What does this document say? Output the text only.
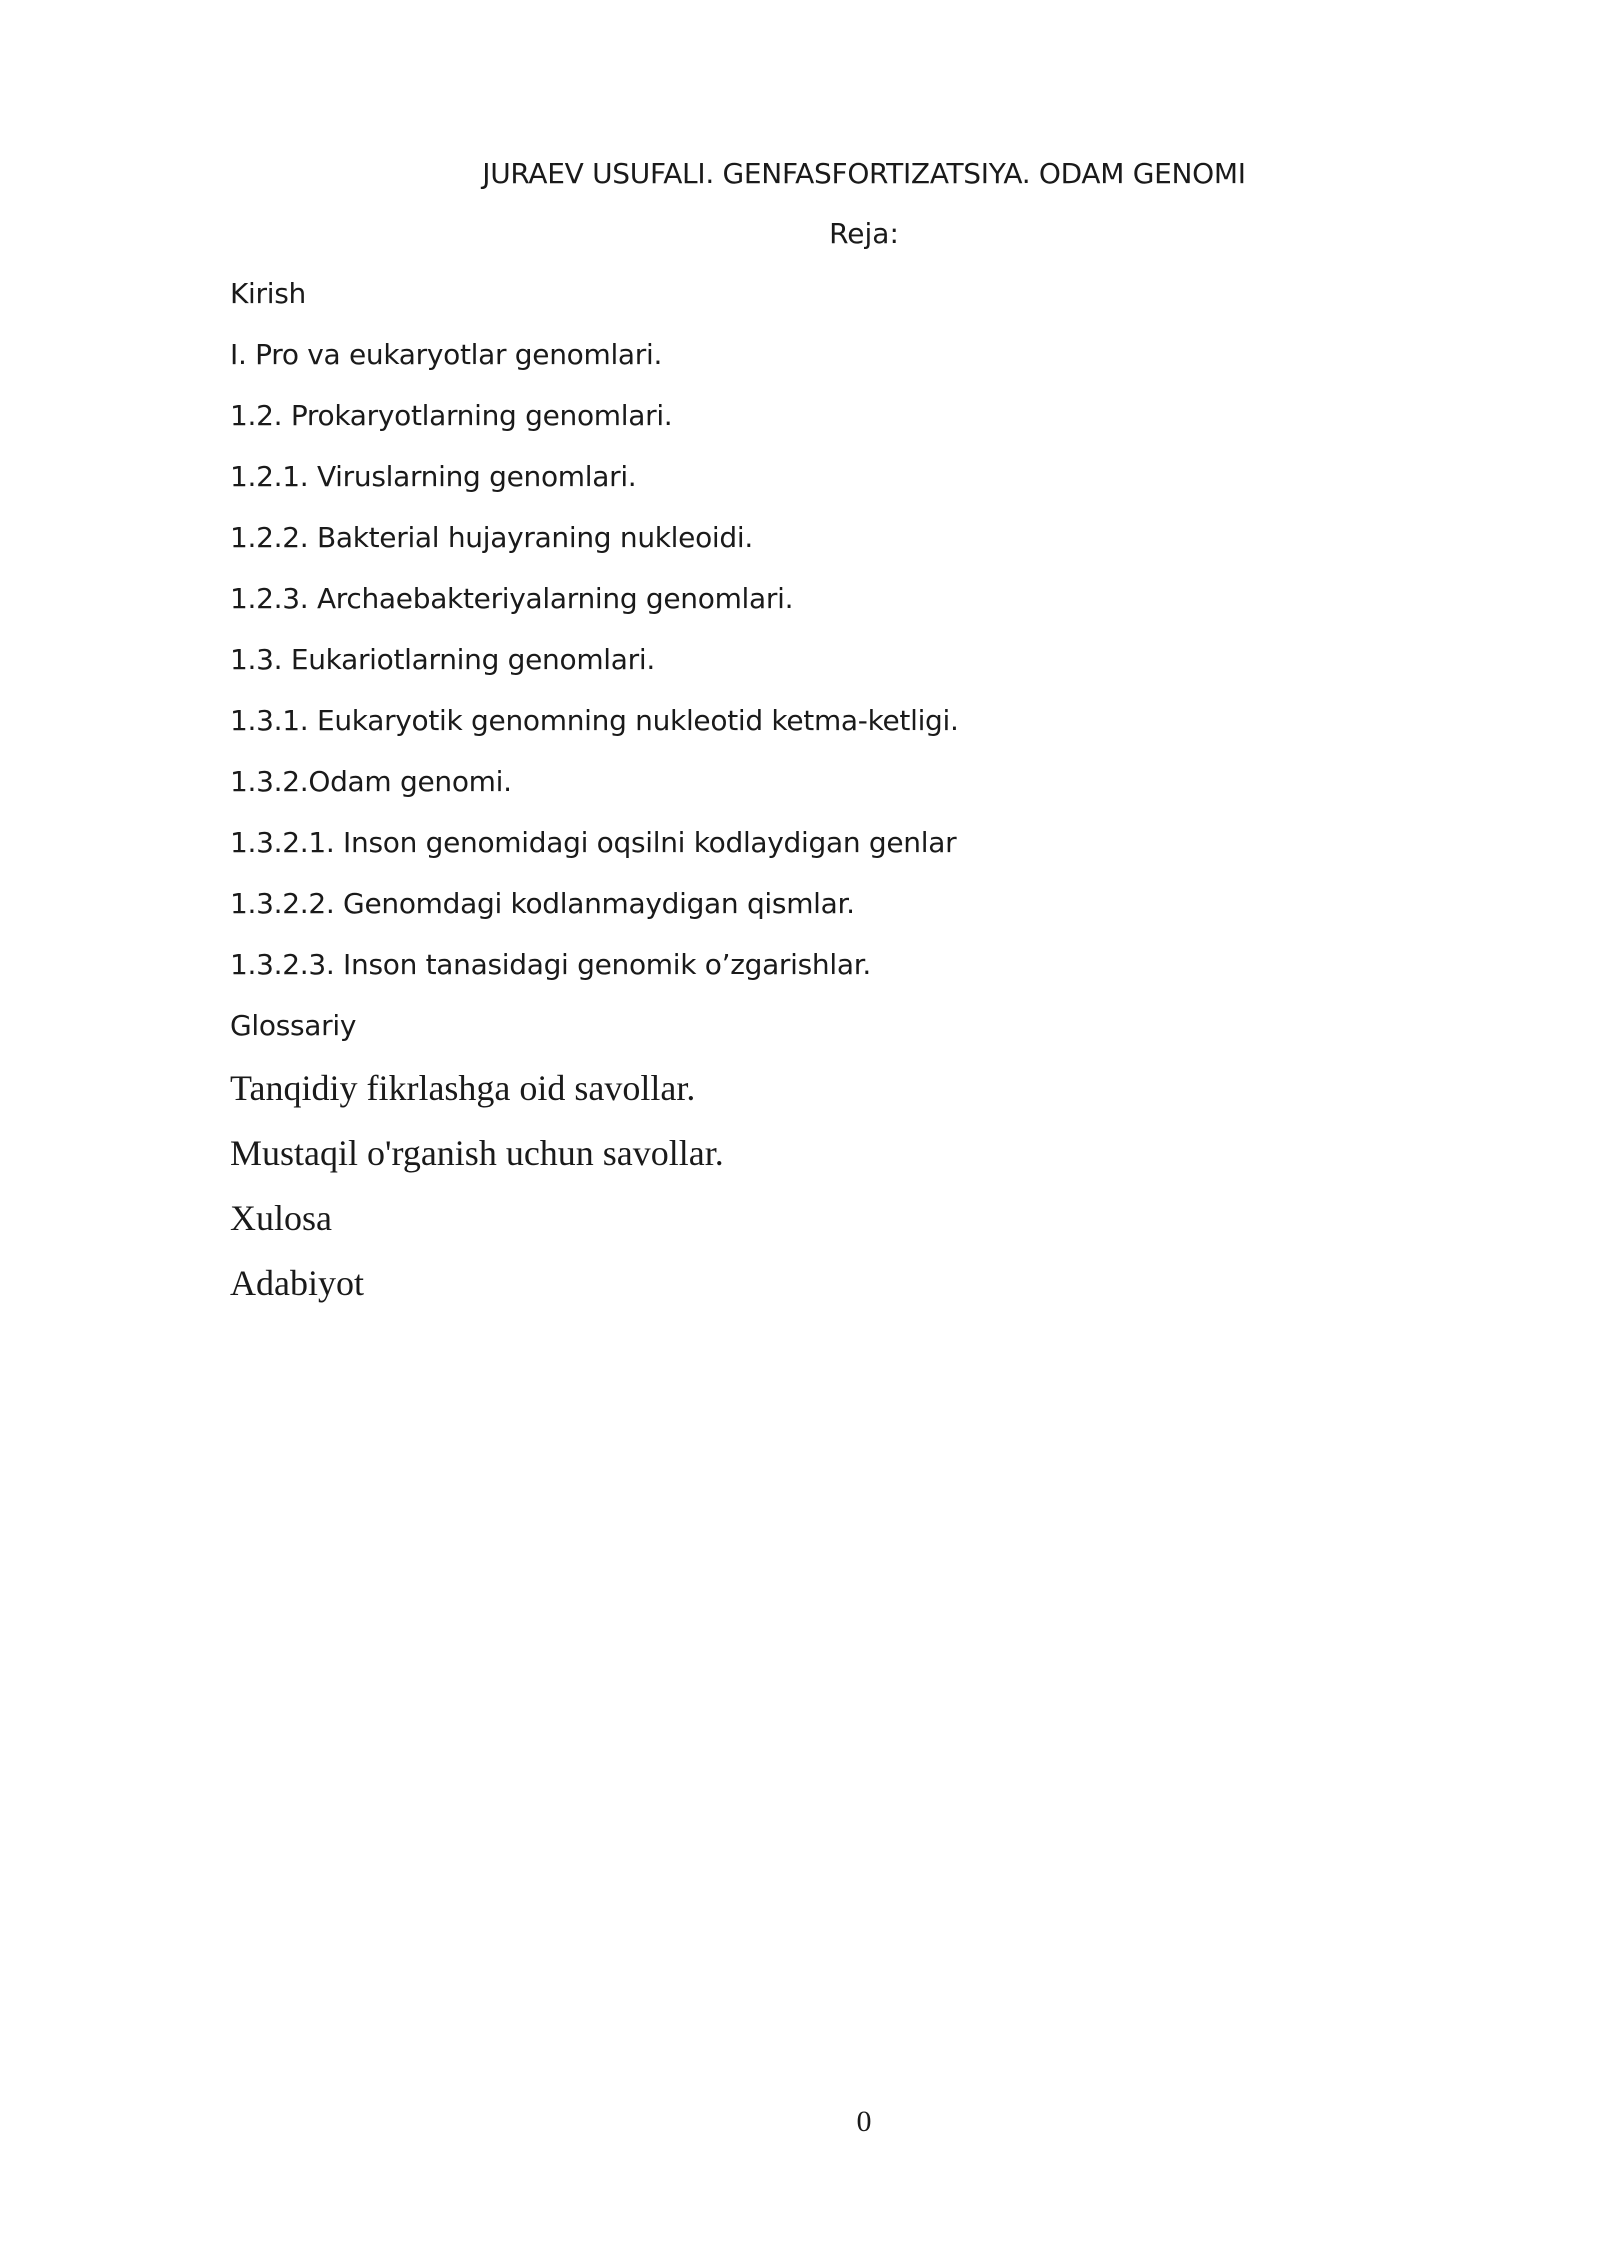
JURAEV USUFALI. GENFASFORTIZATSIYA. ODAM GENOMI
Reja:
Kirish
I. Pro va eukaryotlar genomlari.
1.2. Prokaryotlarning genomlari.
1.2.1. Viruslarning genomlari.
1.2.2. Bakterial hujayraning nukleoidi.
1.2.3. Archaebakteriyalarning genomlari.
1.3. Eukariotlarning genomlari.
1.3.1. Eukaryotik genomning nukleotid ketma-ketligi.
1.3.2.Odam genomi.
1.3.2.1. Inson genomidagi oqsilni kodlaydigan genlar
1.3.2.2. Genomdagi kodlanmaydigan qismlar.
1.3.2.3. Inson tanasidagi genomik o’zgarishlar.
Glossariy
Tanqidiy fikrlashga oid savollar.
Mustaqil o'rganish uchun savollar.
Xulosa
Adabiyot
0
